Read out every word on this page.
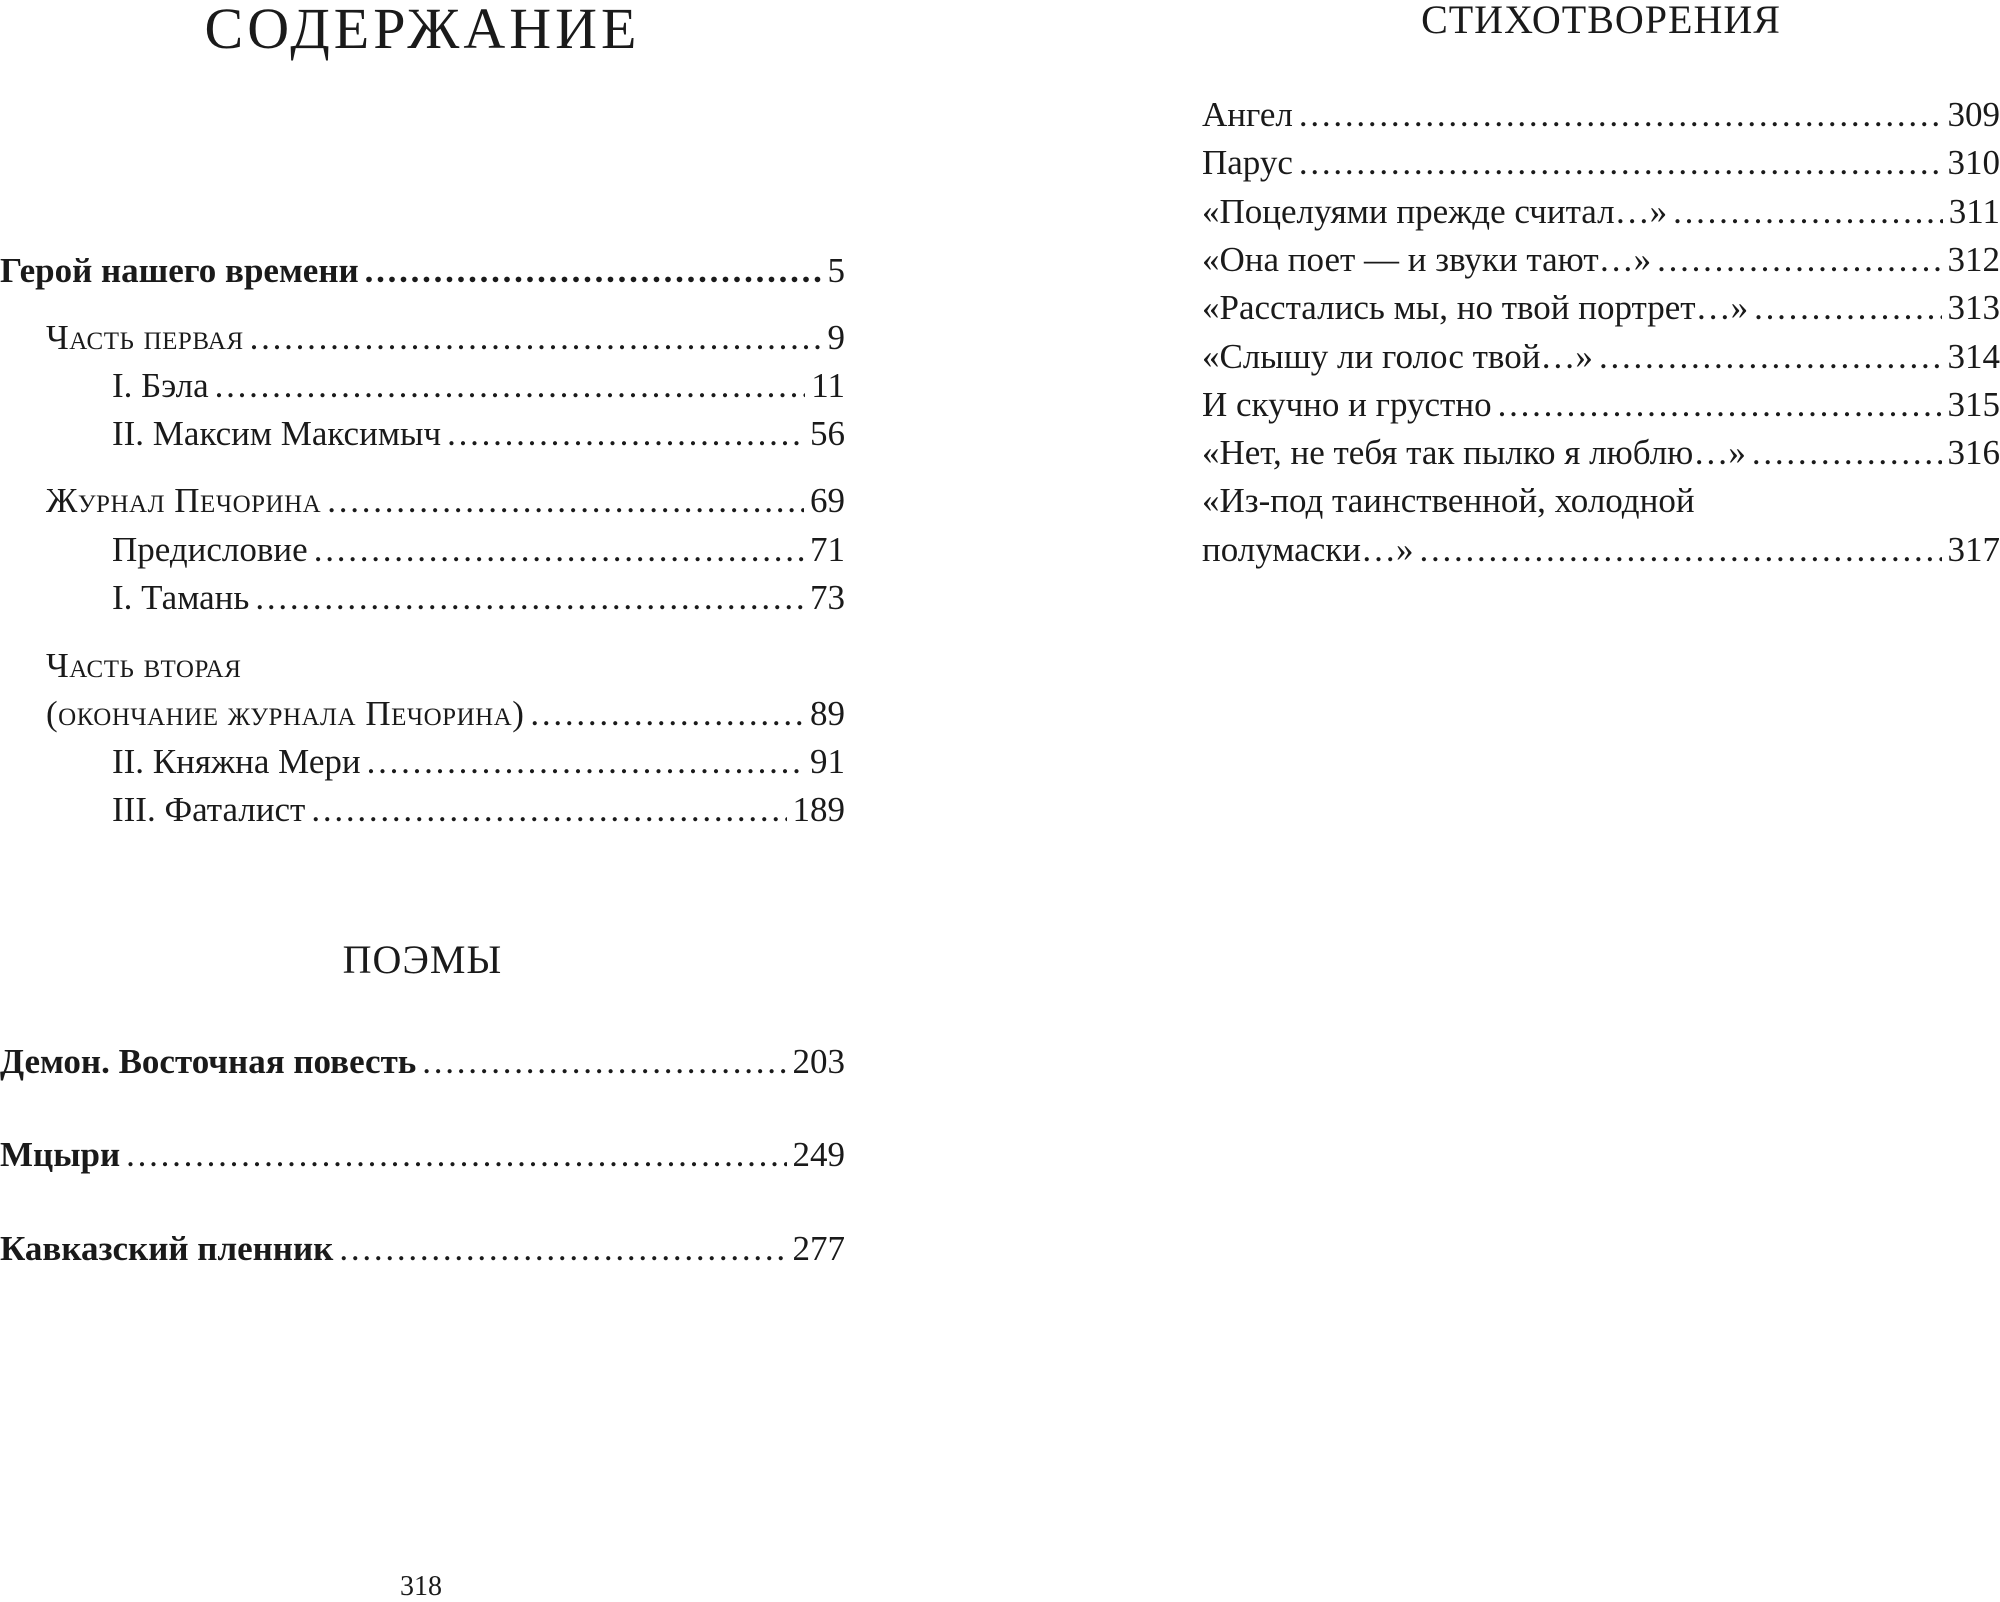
СОДЕРЖАНИЕ
Герой нашего времени . . .	5
Часть первая . . .	9
I. Бэла . . .	11
II. Максим Максимыч . . .	56
Журнал Печорина . . .	69
Предисловие . . .	71
I. Тамань . . .	73
Часть вторая
(окончание журнала Печорина) . . .	89
II. Княжна Мери . . .	91
III. Фаталист . . .	189
ПОЭМЫ
Демон. Восточная повесть . . .	203
Мцыри . . .	249
Кавказский пленник . . .	277
318
СТИХОТВОРЕНИЯ
Ангел . . .	309
Парус . . .	310
«Поцелуями прежде считал…» . . .	311
«Она поет — и звуки тают…» . . .	312
«Расстались мы, но твой портрет…» . . .	313
«Слышу ли голос твой…» . . .	314
И скучно и грустно . . .	315
«Нет, не тебя так пылко я люблю…» . . .	316
«Из-под таинственной, холодной
полумаски…» . . .	317
